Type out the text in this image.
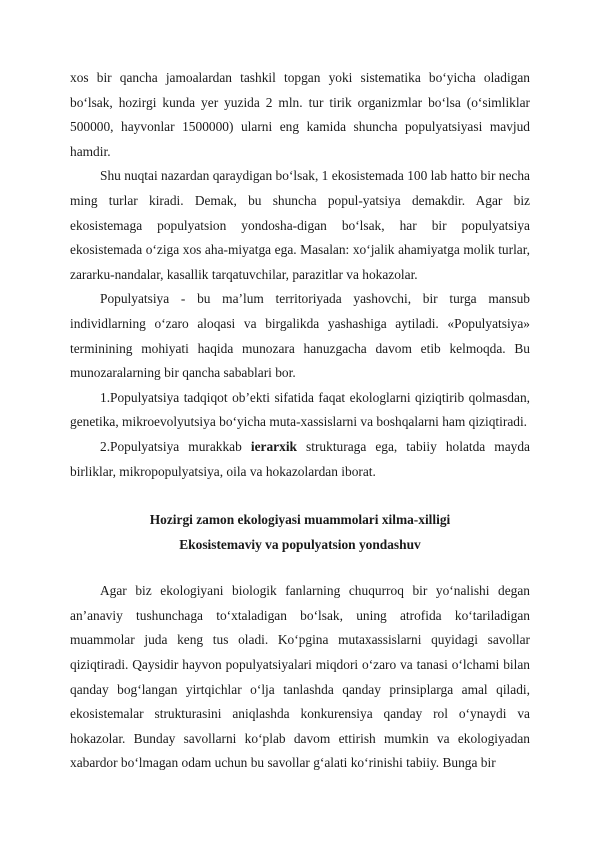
xos bir qancha jamoalardan tashkil topgan yoki sistematika bo‘yicha oladigan bo‘lsak, hozirgi kunda yer yuzida 2 mln. tur tirik organizmlar bo‘lsa (o‘simliklar 500000, hayvonlar 1500000) ularni eng kamida shuncha populyatsiyasi mavjud hamdir.

Shu nuqtai nazardan qaraydigan bo‘lsak, 1 ekosistemada 100 lab hatto bir necha ming turlar kiradi. Demak, bu shuncha popul-yatsiya demakdir. Agar biz ekosistemaga populyatsion yondosha-digan bo‘lsak, har bir populyatsiya ekosistemada o‘ziga xos aha-miyatga ega. Masalan: xo‘jalik ahamiyatga molik turlar, zararku-nandalar, kasallik tarqatuvchilar, parazitlar va hokazolar.

Populyatsiya - bu ma’lum territoriyada yashovchi, bir turga mansub individlarning o‘zaro aloqasi va birgalikda yashashiga aytiladi. «Populyatsiya» terminining mohiyati haqida munozara hanuzgacha davom etib kelmoqda. Bu munozaralarning bir qancha sabablari bor.

1.Populyatsiya tadqiqot ob’ekti sifatida faqat ekologlarni qiziqtirib qolmasdan, genetika, mikroevolyutsiya bo‘yicha muta-xassislarni va boshqalarni ham qiziqtiradi.

2.Populyatsiya murakkab ierarxik strukturaga ega, tabiiy holatda mayda birliklar, mikropopulyatsiya, oila va hokazolardan iborat.

Hozirgi zamon ekologiyasi muammolari xilma-xilligi

Ekosistemaviy va populyatsion yondashuv

Agar biz ekologiyani biologik fanlarning chuqurroq bir yo‘nalishi degan an’anaviy tushunchaga to‘xtaladigan bo‘lsak, uning atrofida ko‘tariladigan muammolar juda keng tus oladi. Ko‘pgina mutaxassislarni quyidagi savollar qiziqtiradi. Qaysidir hayvon populyatsiyalari miqdori o‘zaro va tanasi o‘lchami bilan qanday bog‘langan yirtqichlar o‘lja tanlashda qanday prinsiplarga amal qiladi, ekosistemalar strukturasini aniqlashda konkurensiya qanday rol o‘ynaydi va hokazolar. Bunday savollarni ko‘plab davom ettirish mumkin va ekologiyadan xabardor bo‘lmagan odam uchun bu savollar g‘alati ko‘rinishi tabiiy. Bunga bir
